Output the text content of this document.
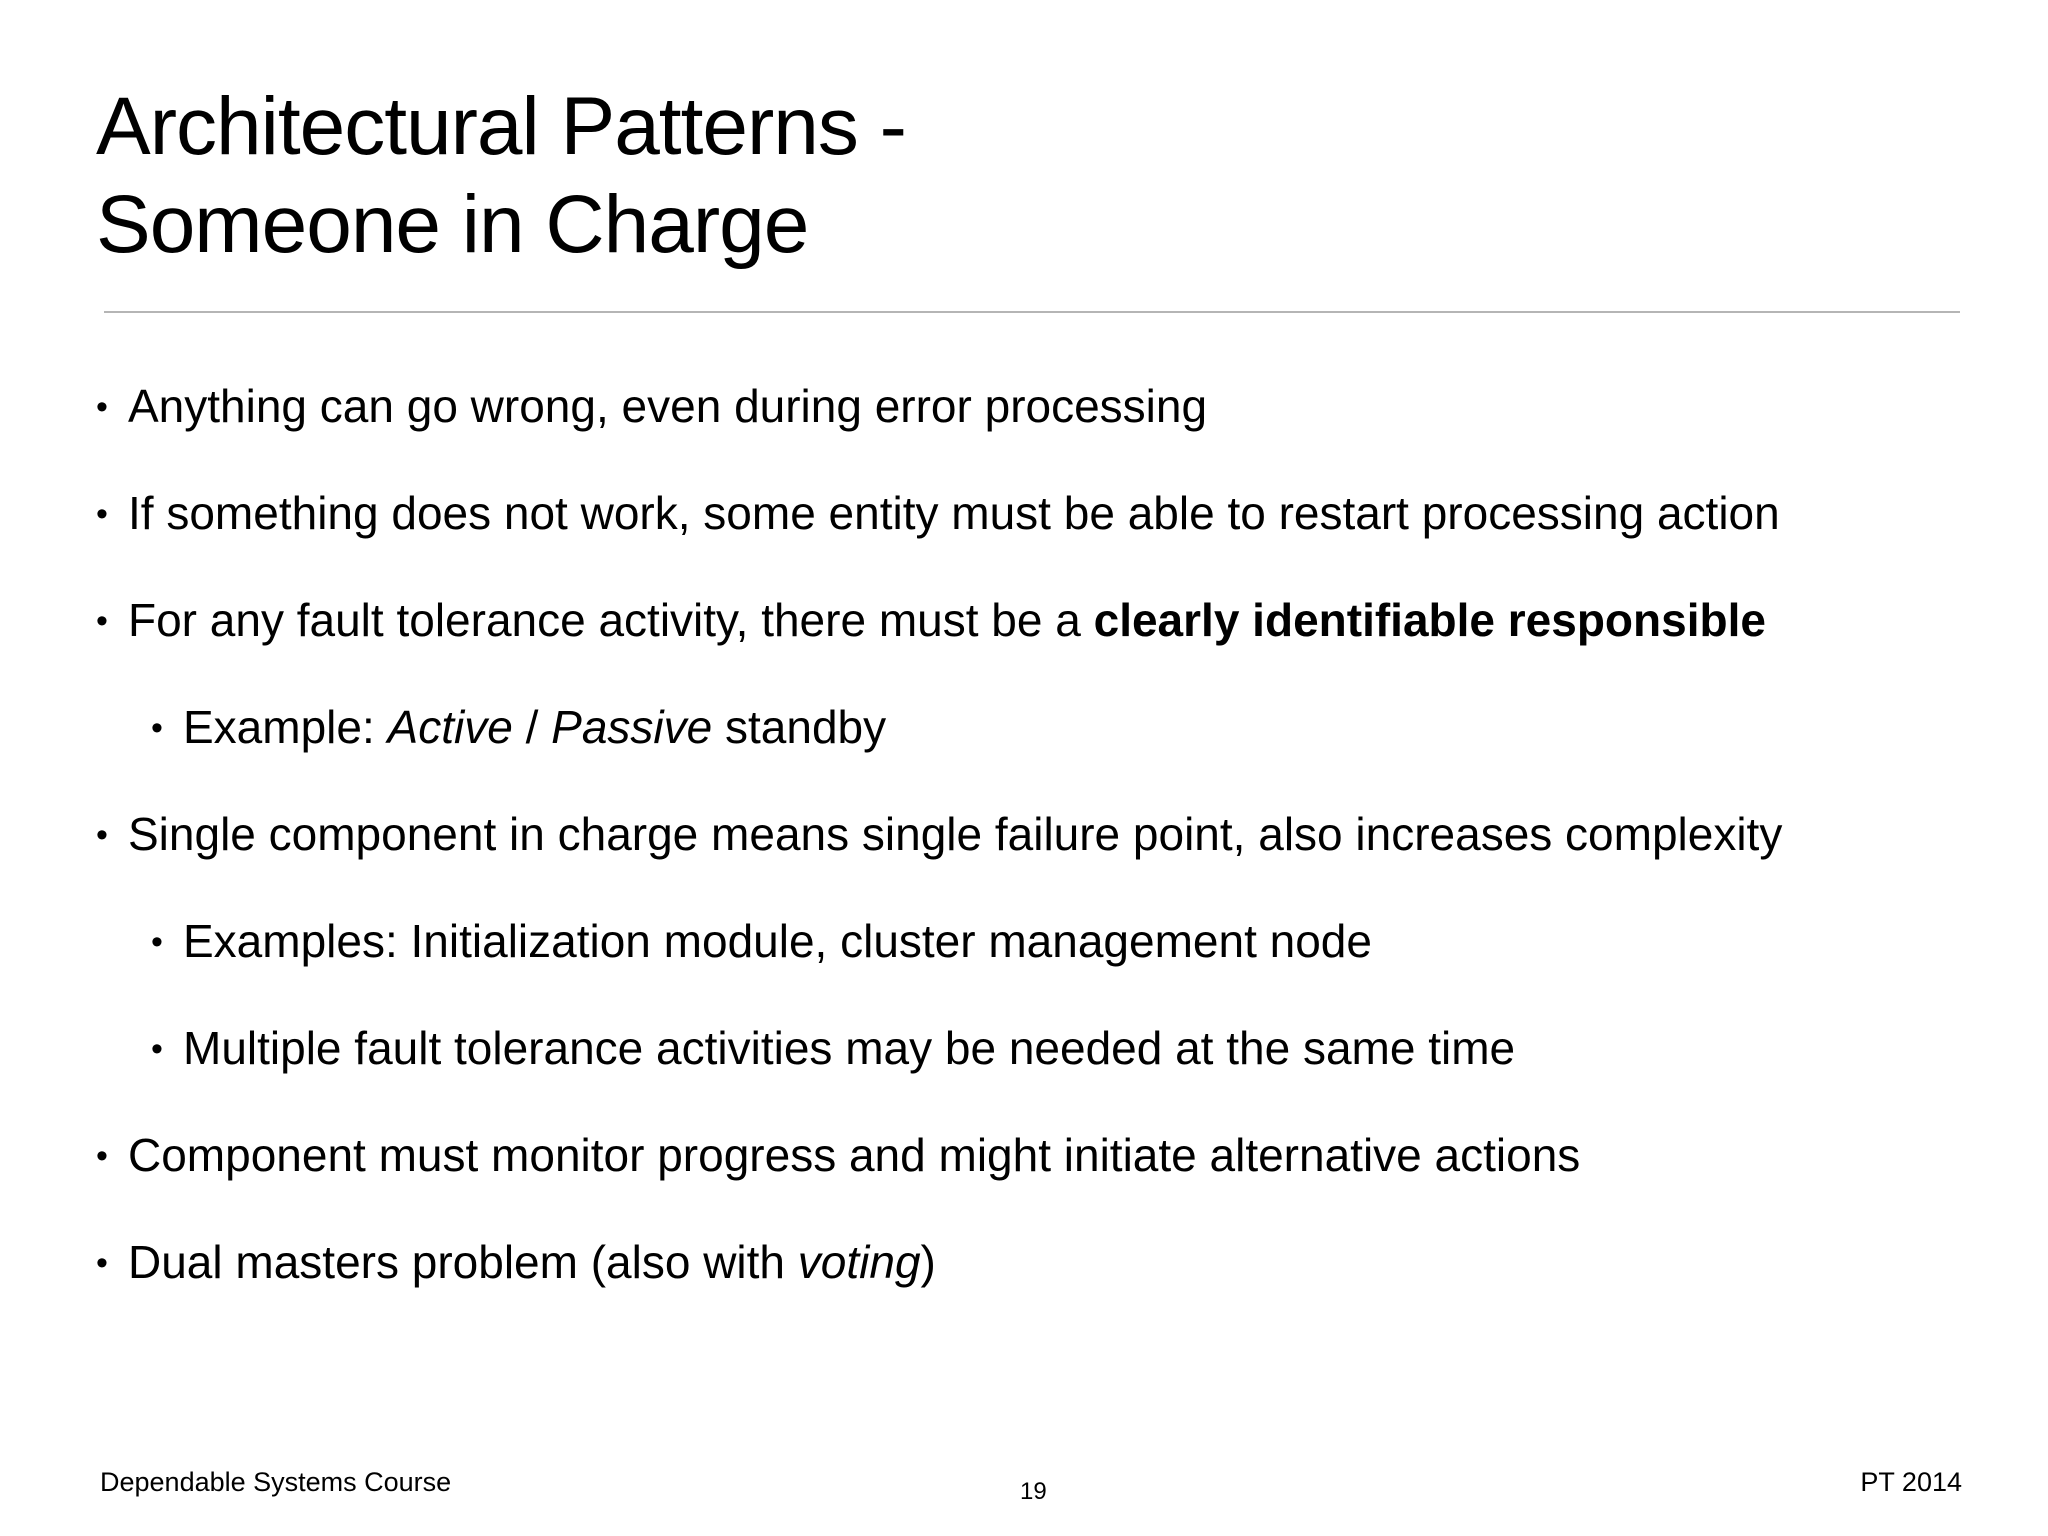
Architectural Patterns -
Someone in Charge
• Anything can go wrong, even during error processing
• If something does not work, some entity must be able to restart processing action
• For any fault tolerance activity, there must be a clearly identifiable responsible
• Example: Active / Passive standby
• Single component in charge means single failure point, also increases complexity
• Examples: Initialization module, cluster management node
• Multiple fault tolerance activities may be needed at the same time
• Component must monitor progress and might initiate alternative actions
• Dual masters problem (also with voting)
Dependable Systems Course	19	PT 2014
